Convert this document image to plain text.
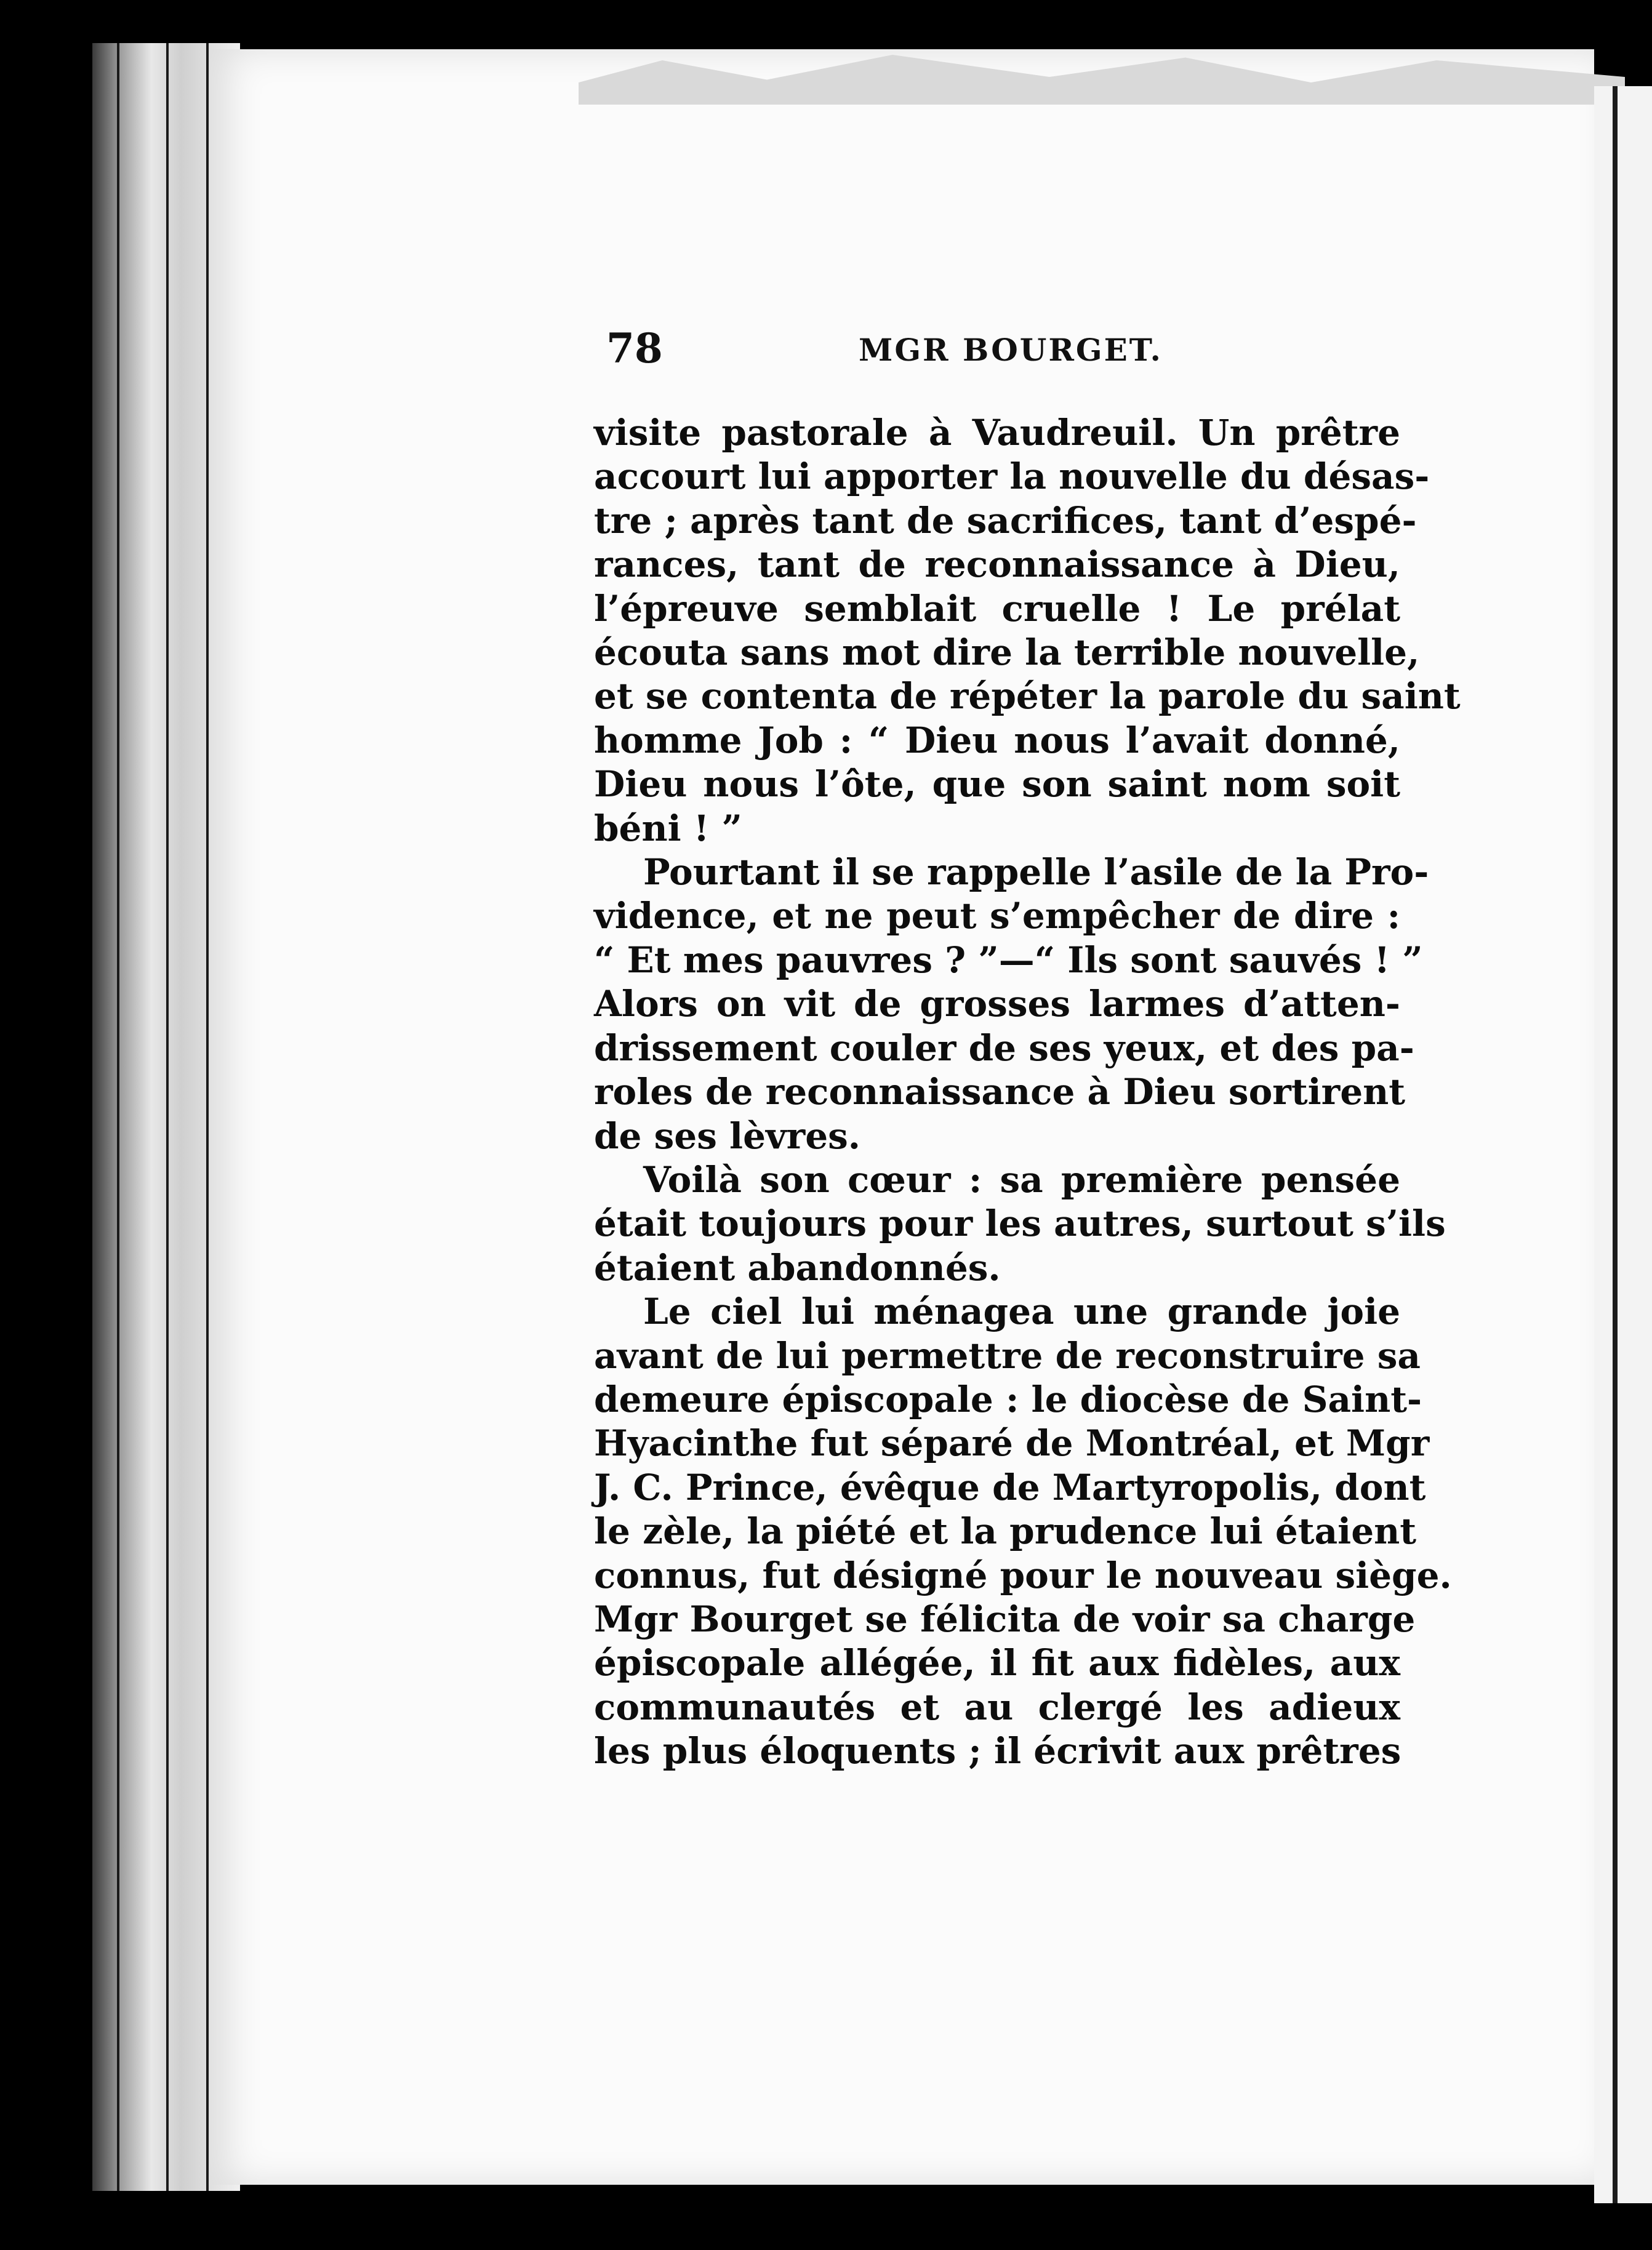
78	MGR BOURGET.

visite pastorale à Vaudreuil. Un prêtre
accourt lui apporter la nouvelle du désas-
tre ; après tant de sacrifices, tant d’espé-
rances, tant de reconnaissance à Dieu,
l’épreuve semblait cruelle ! Le prélat
écouta sans mot dire la terrible nouvelle,
et se contenta de répéter la parole du saint
homme Job : “ Dieu nous l’avait donné,
Dieu nous l’ôte, que son saint nom soit
béni ! ”

Pourtant il se rappelle l’asile de la Pro-
vidence, et ne peut s’empêcher de dire :
“ Et mes pauvres ? ”—“ Ils sont sauvés ! ”
Alors on vit de grosses larmes d’atten-
drissement couler de ses yeux, et des pa-
roles de reconnaissance à Dieu sortirent
de ses lèvres.

Voilà son cœur : sa première pensée
était toujours pour les autres, surtout s’ils
étaient abandonnés.

Le ciel lui ménagea une grande joie
avant de lui permettre de reconstruire sa
demeure épiscopale : le diocèse de Saint-
Hyacinthe fut séparé de Montréal, et Mgr
J. C. Prince, évêque de Martyropolis, dont
le zèle, la piété et la prudence lui étaient
connus, fut désigné pour le nouveau siège.
Mgr Bourget se félicita de voir sa charge
épiscopale allégée, il fit aux fidèles, aux
communautés et au clergé les adieux
les plus éloquents ; il écrivit aux prêtres
